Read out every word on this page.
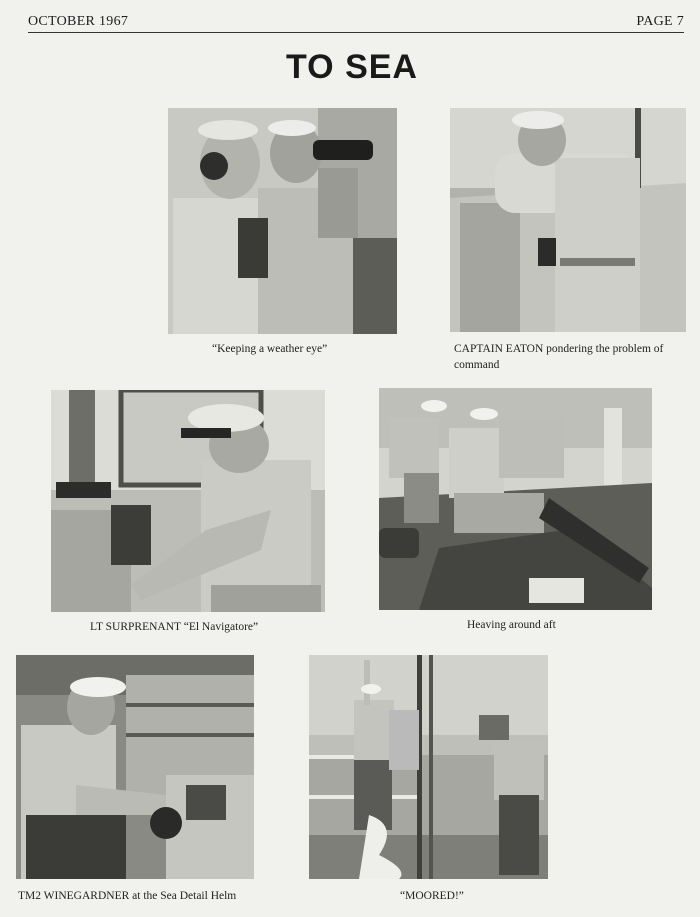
OCTOBER 1967	PAGE 7
TO SEA
“Keeping a weather eye”	CAPTAIN EATON pondering the problem of command
LT SURPRENANT “El Navigatore”	Heaving around aft
TM2 WINEGARDNER at the Sea Detail Helm	“MOORED!”
